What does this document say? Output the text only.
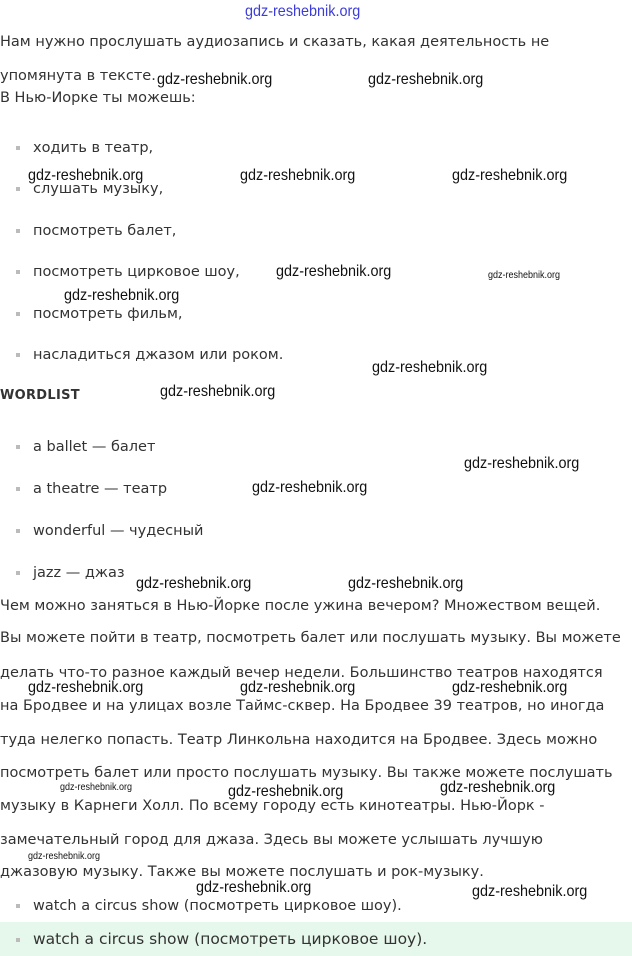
Нам нужно прослушать аудиозапись и сказать, какая деятельность не
упомянута в тексте.
В Нью-Иорке ты можешь:
ходить в театр,
слушать музыку,
посмотреть балет,
посмотреть цирковое шоу,
посмотреть фильм,
насладиться джазом или роком.
WORDLIST
a ballet — балет
a theatre — театр
wonderful — чудесный
jazz — джаз
Чем можно заняться в Нью-Йорке после ужина вечером? Множеством вещей.
Вы можете пойти в театр, посмотреть балет или послушать музыку. Вы можете
делать что-то разное каждый вечер недели. Большинство театров находятся
на Бродвее и на улицах возле Таймс-сквер. На Бродвее 39 театров, но иногда
туда нелегко попасть. Театр Линкольна находится на Бродвее. Здесь можно
посмотреть балет или просто послушать музыку. Вы также можете послушать
музыку в Карнеги Холл. По всему городу есть кинотеатры. Нью-Йорк -
замечательный город для джаза. Здесь вы можете услышать лучшую
джазовую музыку. Также вы можете послушать и рок-музыку.
watch a circus show (посмотреть цирковое шоу).
watch a circus show (посмотреть цирковое шоу).
gdz-reshebnik.org
gdz-reshebnik.org	gdz-reshebnik.org
gdz-reshebnik.org	gdz-reshebnik.org	gdz-reshebnik.org
gdz-reshebnik.org	gdz-reshebnik.org
gdz-reshebnik.org
gdz-reshebnik.org
gdz-reshebnik.org
gdz-reshebnik.org
gdz-reshebnik.org
gdz-reshebnik.org	gdz-reshebnik.org
gdz-reshebnik.org	gdz-reshebnik.org	gdz-reshebnik.org
gdz-reshebnik.org	gdz-reshebnik.org	gdz-reshebnik.org
gdz-reshebnik.org
gdz-reshebnik.org	gdz-reshebnik.org
